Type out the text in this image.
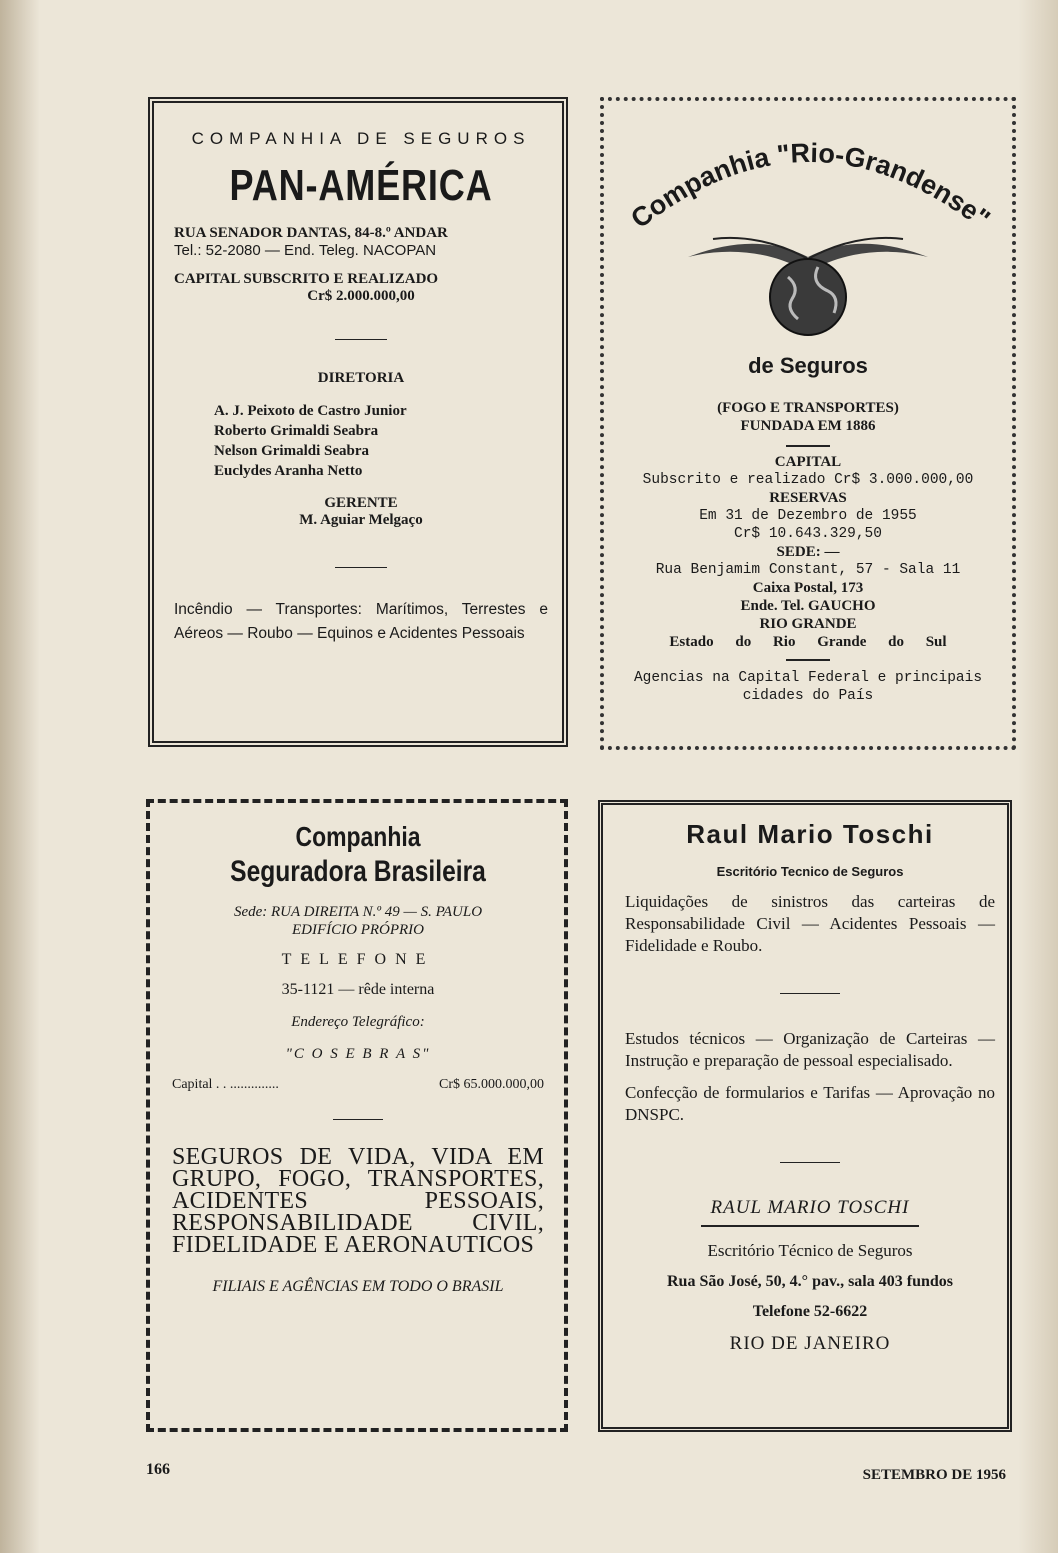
COMPANHIA DE SEGUROS

PAN-AMÉRICA

RUA SENADOR DANTAS, 84-8.º ANDAR

Tel.: 52-2080 — End. Teleg. NACOPAN

CAPITAL SUBSCRITO E REALIZADO

Cr$ 2.000.000,00

DIRETORIA

A. J. Peixoto de Castro Junior

Roberto Grimaldi Seabra

Nelson Grimaldi Seabra

Euclydes Aranha Netto

GERENTE

M. Aguiar Melgaço

Incêndio — Transportes: Marítimos, Terrestes e Aéreos — Roubo — Equinos e Acidentes Pessoais

Companhia "Rio-Grandense"

de Seguros

(FOGO E TRANSPORTES)

FUNDADA EM 1886

CAPITAL

Subscrito e realizado Cr$ 3.000.000,00

RESERVAS

Em 31 de Dezembro de 1955

Cr$ 10.643.329,50

SEDE: —

Rua Benjamim Constant, 57 - Sala 11

Caixa Postal, 173

Ende. Tel. GAUCHO

RIO GRANDE

Estado do Rio Grande do Sul

Agencias na Capital Federal e principais cidades do País

Companhia

Seguradora Brasileira

Sede: RUA DIREITA N.º 49 — S. PAULO

EDIFÍCIO PRÓPRIO

TELEFONE

35-1121 — rêde interna

Endereço Telegráfico:

"C O S E B R A S"

Capital . . ..............	Cr$ 65.000.000,00

SEGUROS DE VIDA, VIDA EM GRUPO, FOGO, TRANSPORTES, ACIDENTES PESSOAIS, RESPONSABILIDADE CIVIL, FIDELIDADE E AERONAUTICOS

FILIAIS E AGÊNCIAS EM TODO O BRASIL

Raul Mario Toschi

Escritório Tecnico de Seguros

Liquidações de sinistros das carteiras de Responsabilidade Civil — Acidentes Pessoais — Fidelidade e Roubo.

Estudos técnicos — Organização de Carteiras — Instrução e preparação de pessoal especialisado.

Confecção de formularios e Tarifas — Aprovação no DNSPC.

RAUL MARIO TOSCHI

Escritório Técnico de Seguros

Rua São José, 50, 4.° pav., sala 403 fundos

Telefone 52-6622

RIO DE JANEIRO

166	SETEMBRO DE 1956
